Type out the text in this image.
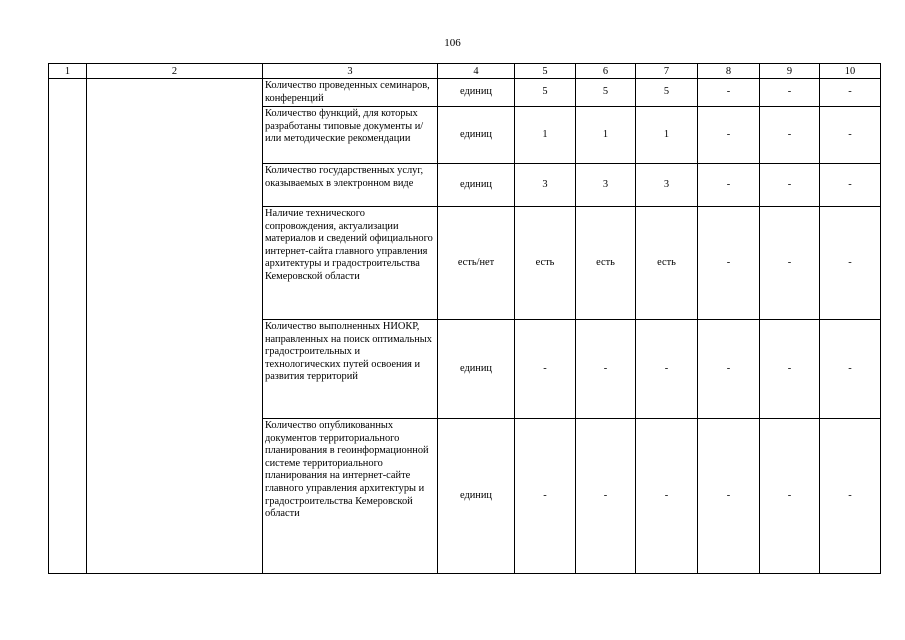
106
1	2	3	4	5	6	7	8	9	10
		Количество проведенных семинаров, конференций	единиц	5	5	5	-	-	-
		Количество функций, для которых разработаны типовые документы и/или методические рекомендации	единиц	1	1	1	-	-	-
		Количество государственных услуг, оказываемых в электронном виде	единиц	3	3	3	-	-	-
		Наличие технического сопровождения, актуализации материалов и сведений официального интернет-сайта главного управления архитектуры и градостроительства Кемеровской области	есть/нет	есть	есть	есть	-	-	-
		Количество выполненных НИОКР, направленных на поиск оптимальных градостроительных и технологических путей освоения и развития территорий	единиц	-	-	-	-	-	-
		Количество опубликованных документов территориального планирования в геоинформационной системе территориального планирования на интернет-сайте главного управления архитектуры и градостроительства Кемеровской области	единиц	-	-	-	-	-	-
